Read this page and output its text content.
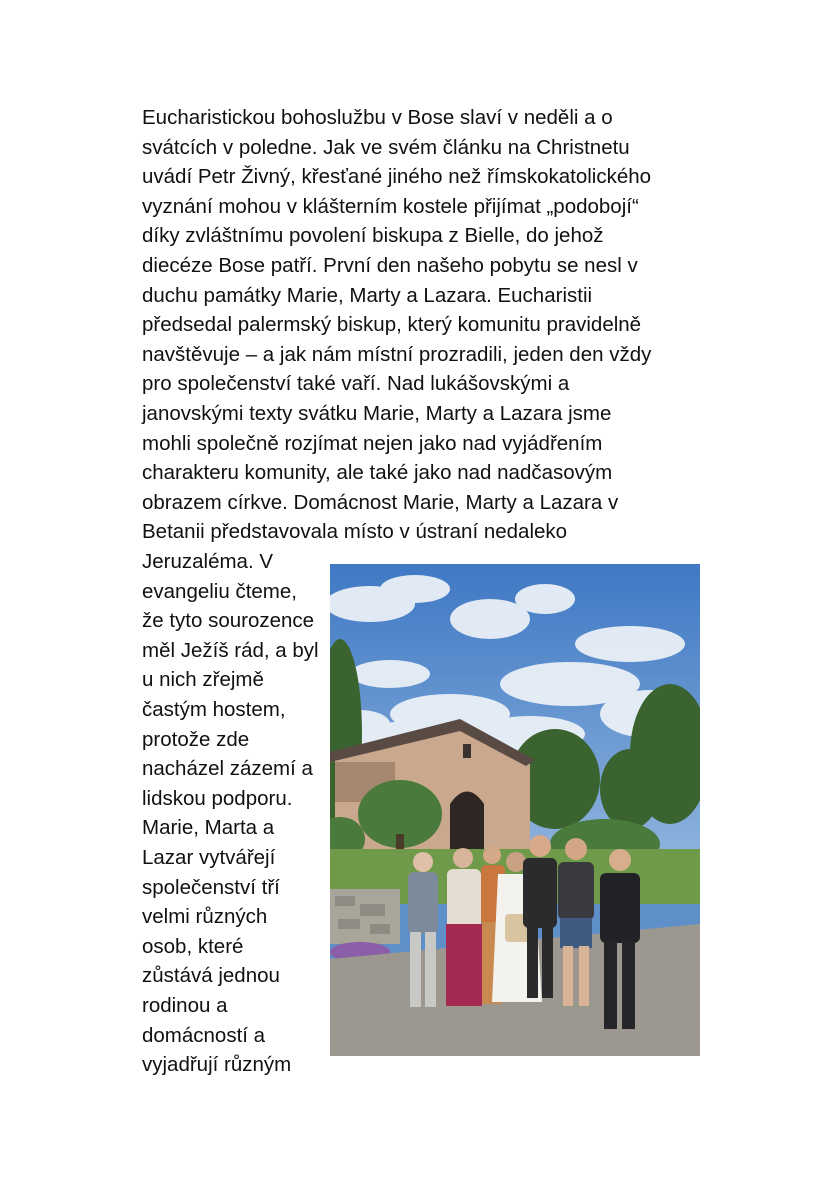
Eucharistickou bohoslužbu v Bose slaví v neděli a o
svátcích v poledne. Jak ve svém článku na Christnetu
uvádí Petr Živný, křesťané jiného než římskokatolického
vyznání mohou v klášterním kostele přijímat „podobojí“
díky zvláštnímu povolení biskupa z Bielle, do jehož
diecéze Bose patří. První den našeho pobytu se nesl v
duchu památky Marie, Marty a Lazara. Eucharistii
předsedal palermský biskup, který komunitu pravidelně
navštěvuje – a jak nám místní prozradili, jeden den vždy
pro společenství také vaří. Nad lukášovskými a
janovskými texty svátku Marie, Marty a Lazara jsme
mohli společně rozjímat nejen jako nad vyjádřením
charakteru komunity, ale také jako nad nadčasovým
obrazem církve. Domácnost Marie, Marty a Lazara v
Betanii představovala místo v ústraní nedaleko
Jeruzaléma. V
evangeliu čteme,
že tyto sourozence
měl Ježíš rád, a byl
u nich zřejmě
častým hostem,
protože zde
nacházel zázemí a
lidskou podporu.
Marie, Marta a
Lazar vytvářejí
společenství tří
velmi různých
osob, které
zůstává jednou
rodinou a
domácností a
vyjadřují různým
